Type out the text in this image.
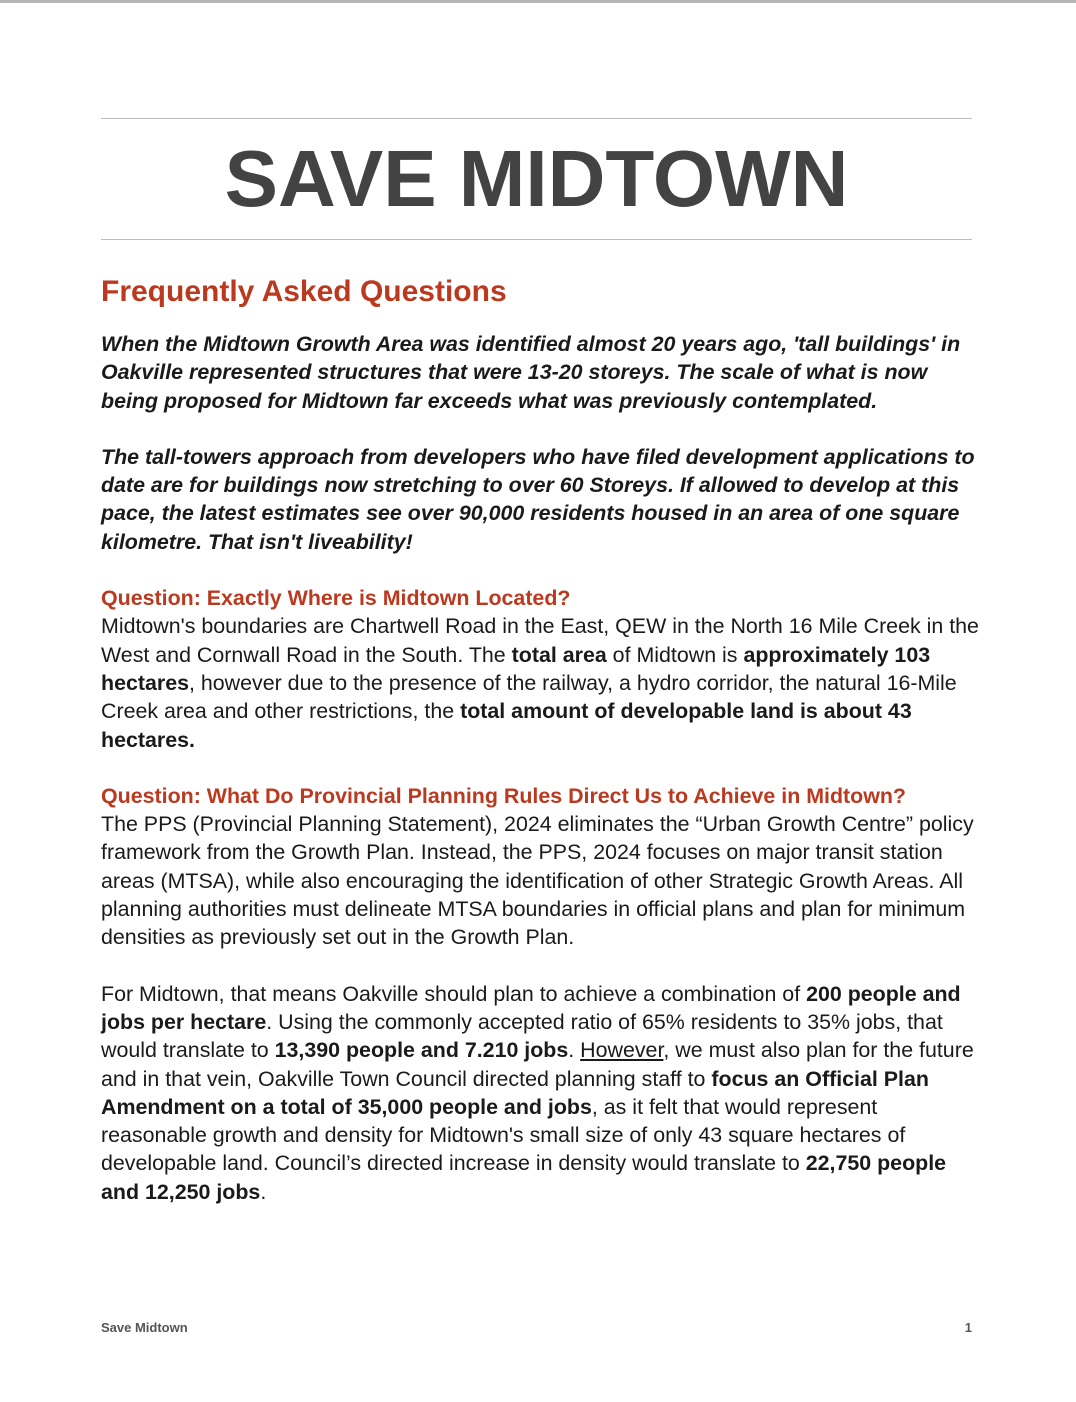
SAVE MIDTOWN
Frequently Asked Questions

When the Midtown Growth Area was identified almost 20 years ago, 'tall buildings' in Oakville represented structures that were 13-20 storeys. The scale of what is now being proposed for Midtown far exceeds what was previously contemplated.

The tall-towers approach from developers who have filed development applications to date are for buildings now stretching to over 60 Storeys. If allowed to develop at this pace, the latest estimates see over 90,000 residents housed in an area of one square kilometre. That isn't liveability!

Question: Exactly Where is Midtown Located?

Midtown's boundaries are Chartwell Road in the East, QEW in the North 16 Mile Creek in the West and Cornwall Road in the South. The total area of Midtown is approximately 103 hectares, however due to the presence of the railway, a hydro corridor, the natural 16-Mile Creek area and other restrictions, the total amount of developable land is about 43 hectares.

Question: What Do Provincial Planning Rules Direct Us to Achieve in Midtown?

The PPS (Provincial Planning Statement), 2024 eliminates the “Urban Growth Centre” policy framework from the Growth Plan. Instead, the PPS, 2024 focuses on major transit station areas (MTSA), while also encouraging the identification of other Strategic Growth Areas. All planning authorities must delineate MTSA boundaries in official plans and plan for minimum densities as previously set out in the Growth Plan.

For Midtown, that means Oakville should plan to achieve a combination of 200 people and jobs per hectare. Using the commonly accepted ratio of 65% residents to 35% jobs, that would translate to 13,390 people and 7.210 jobs. However, we must also plan for the future and in that vein, Oakville Town Council directed planning staff to focus an Official Plan Amendment on a total of 35,000 people and jobs, as it felt that would represent reasonable growth and density for Midtown's small size of only 43 square hectares of developable land. Council’s directed increase in density would translate to 22,750 people and 12,250 jobs.

Save Midtown	1
